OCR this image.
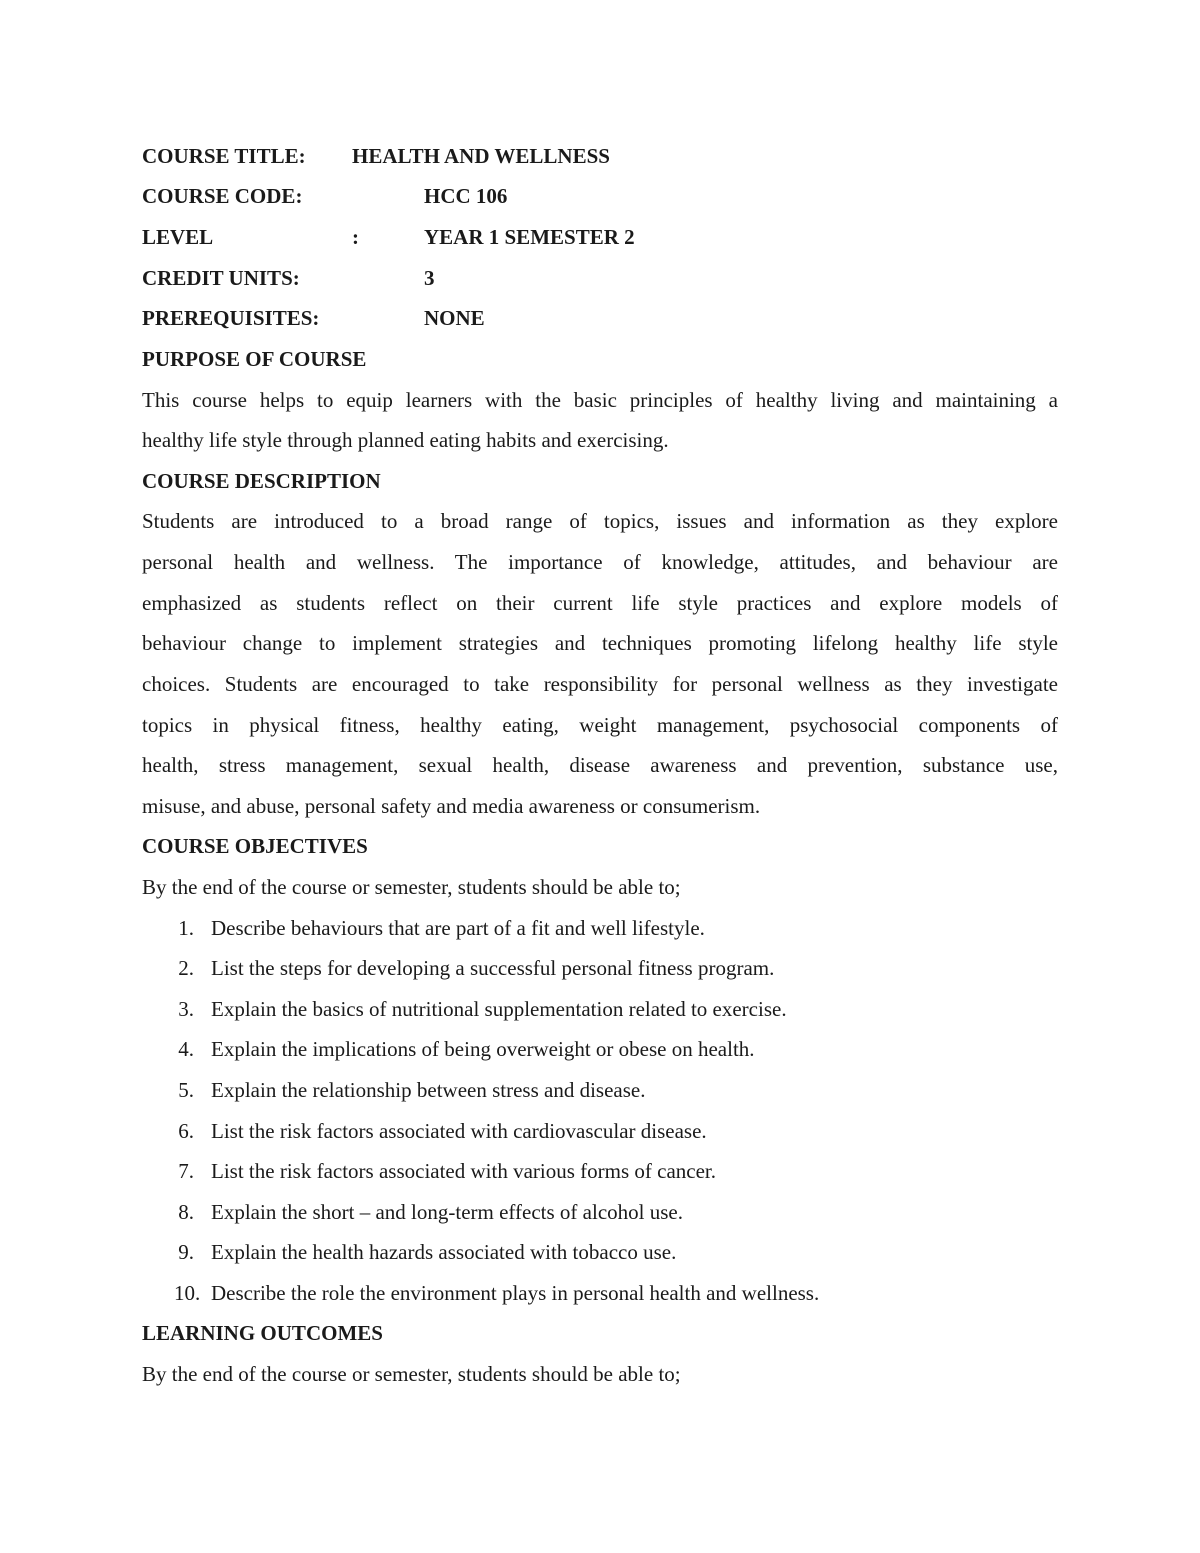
COURSE TITLE: HEALTH AND WELLNESS
COURSE CODE:	HCC 106
LEVEL	:	YEAR 1 SEMESTER 2
CREDIT UNITS:	3
PREREQUISITES:	NONE
PURPOSE OF COURSE
This course helps to equip learners with the basic principles of healthy living and maintaining a
healthy life style through planned eating habits and exercising.
COURSE DESCRIPTION
Students are introduced to a broad range of topics, issues and information as they explore
personal health and wellness. The importance of knowledge, attitudes, and behaviour are
emphasized as students reflect on their current life style practices and explore models of
behaviour change to implement strategies and techniques promoting lifelong healthy life style
choices. Students are encouraged to take responsibility for personal wellness as they investigate
topics in physical fitness, healthy eating, weight management, psychosocial components of
health, stress management, sexual health, disease awareness and prevention, substance use,
misuse, and abuse, personal safety and media awareness or consumerism.
COURSE OBJECTIVES
By the end of the course or semester, students should be able to;
1. Describe behaviours that are part of a fit and well lifestyle.
2. List the steps for developing a successful personal fitness program.
3. Explain the basics of nutritional supplementation related to exercise.
4. Explain the implications of being overweight or obese on health.
5. Explain the relationship between stress and disease.
6. List the risk factors associated with cardiovascular disease.
7. List the risk factors associated with various forms of cancer.
8. Explain the short – and long-term effects of alcohol use.
9. Explain the health hazards associated with tobacco use.
10. Describe the role the environment plays in personal health and wellness.
LEARNING OUTCOMES
By the end of the course or semester, students should be able to;
